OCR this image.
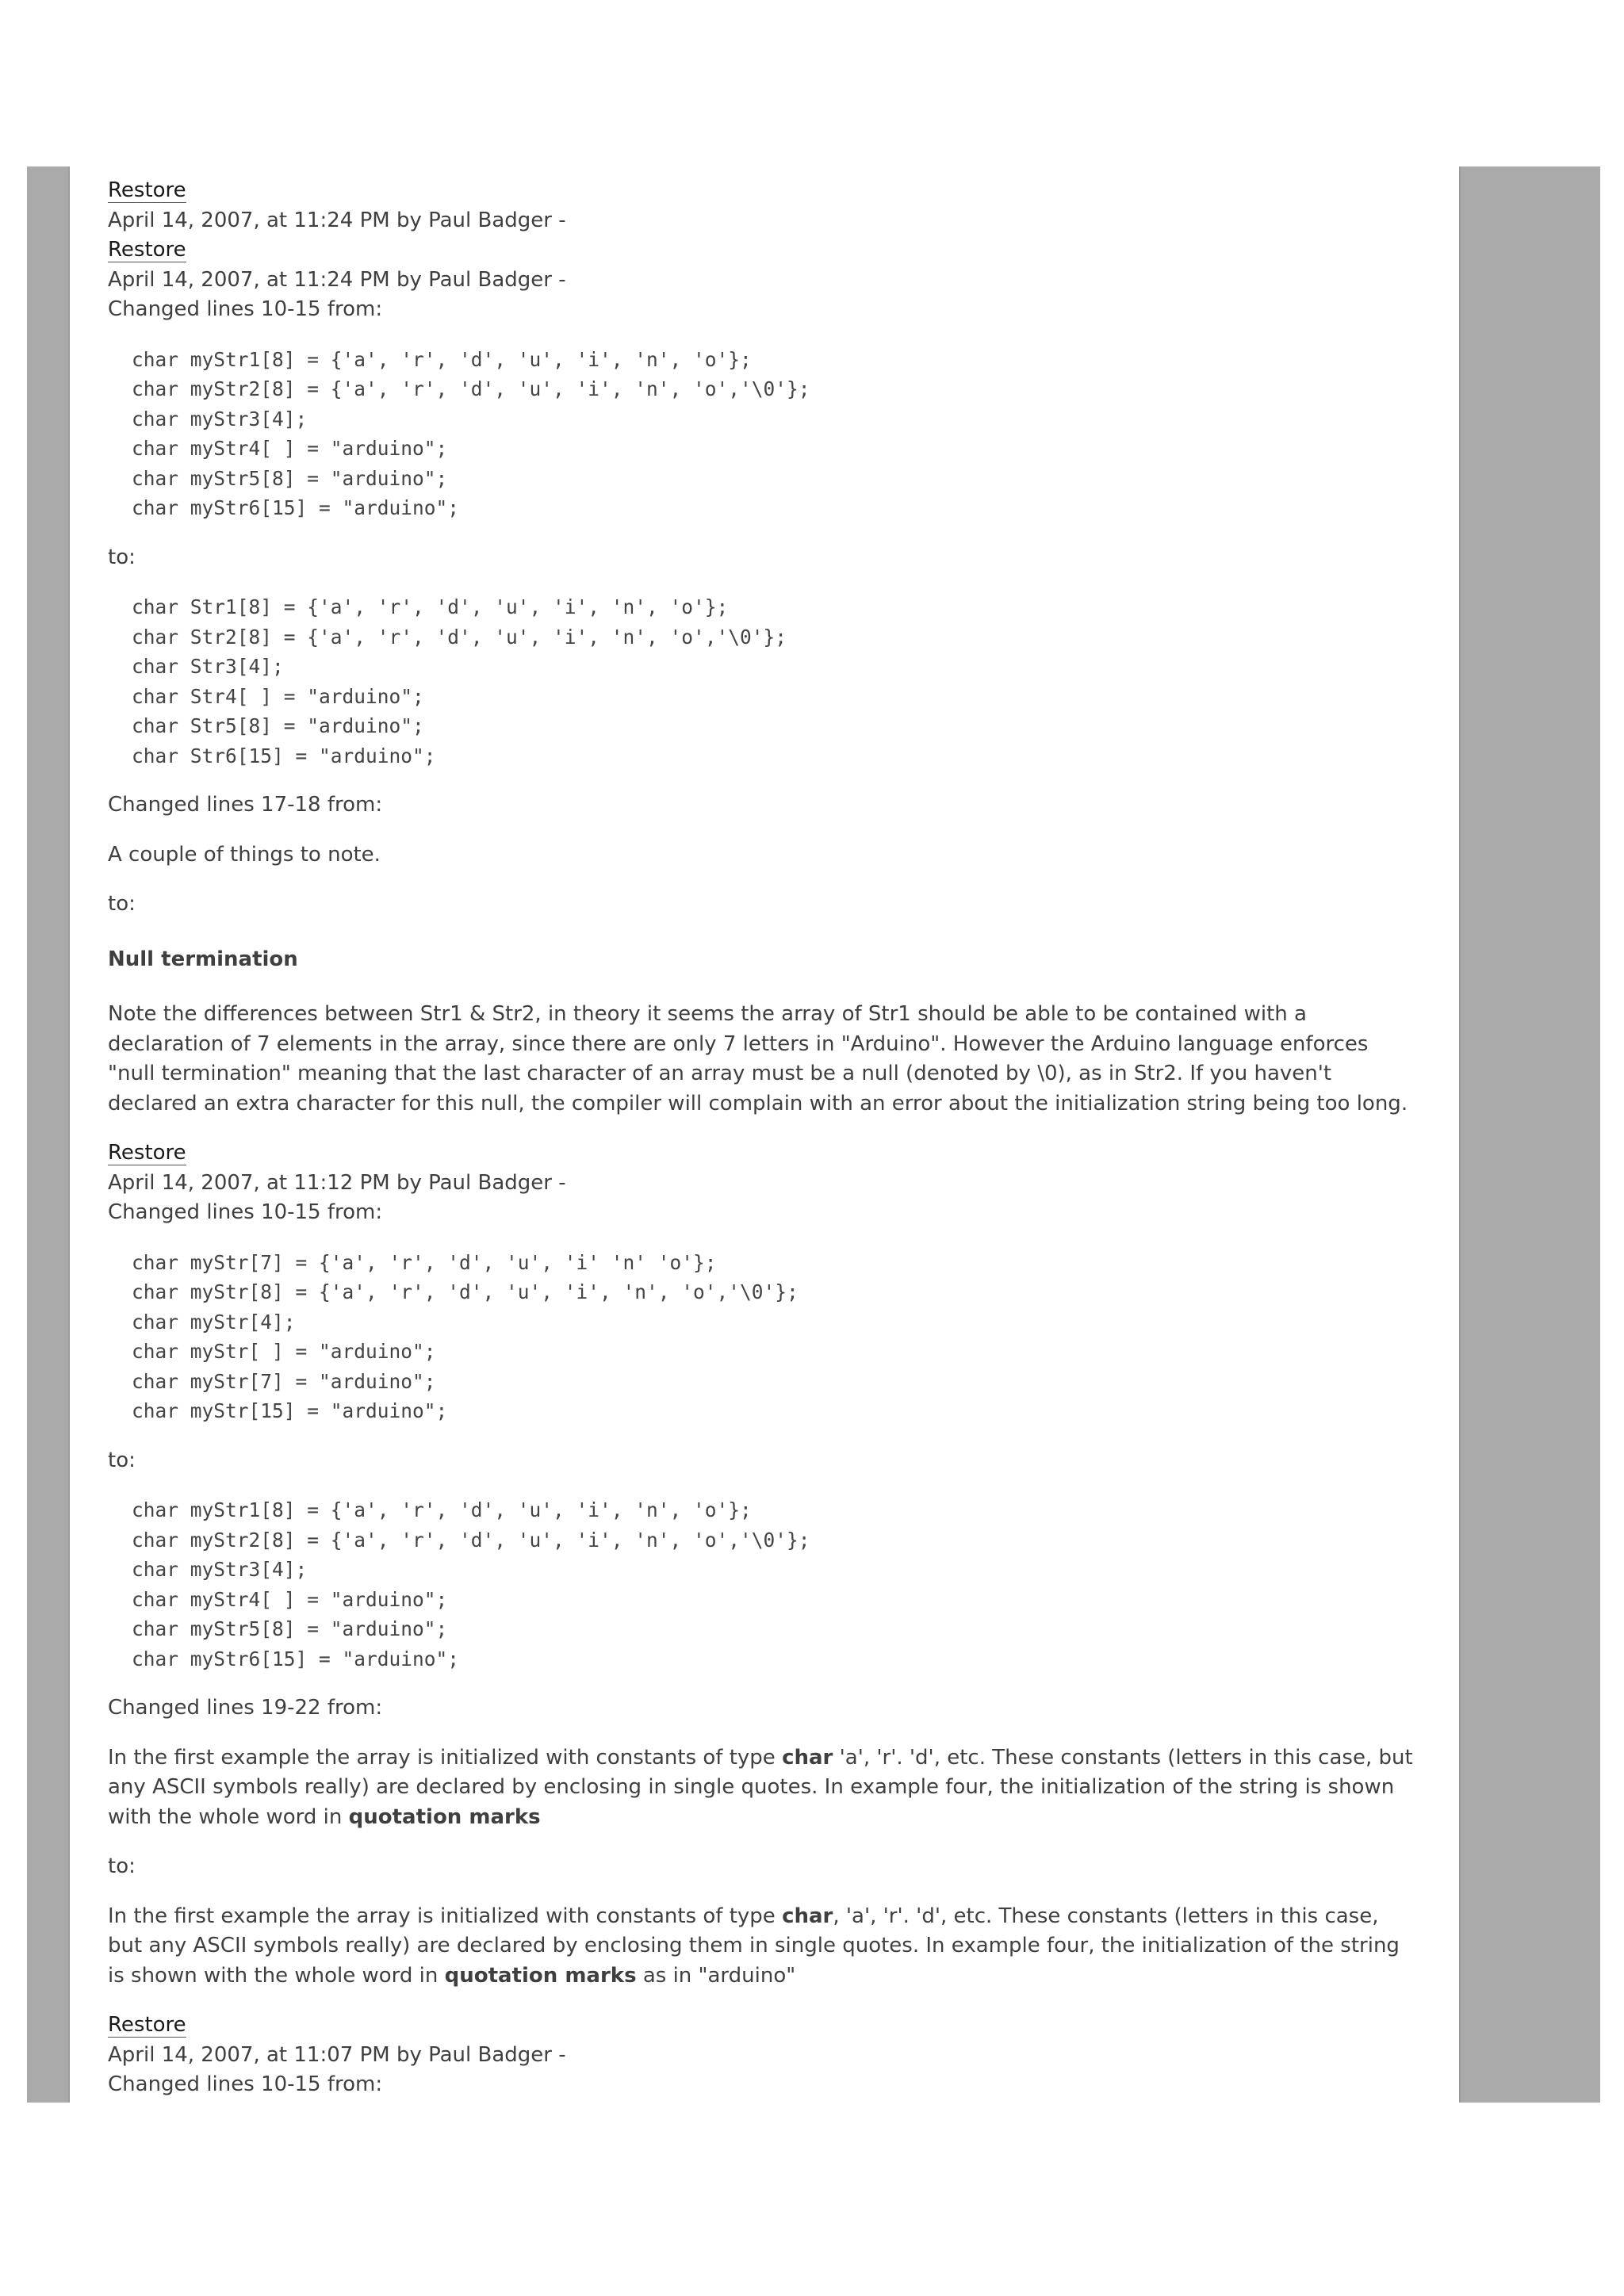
Restore
April 14, 2007, at 11:24 PM by Paul Badger -
Restore
April 14, 2007, at 11:24 PM by Paul Badger -
Changed lines 10-15 from:
char myStr1[8] = {'a', 'r', 'd', 'u', 'i', 'n', 'o'};
char myStr2[8] = {'a', 'r', 'd', 'u', 'i', 'n', 'o','\0'};
char myStr3[4];
char myStr4[ ] = "arduino";
char myStr5[8] = "arduino";
char myStr6[15] = "arduino";

to:

char Str1[8] = {'a', 'r', 'd', 'u', 'i', 'n', 'o'};
char Str2[8] = {'a', 'r', 'd', 'u', 'i', 'n', 'o','\0'};
char Str3[4];
char Str4[ ] = "arduino";
char Str5[8] = "arduino";
char Str6[15] = "arduino";

Changed lines 17-18 from:

A couple of things to note.

to:

Null termination

Note the differences between Str1 & Str2, in theory it seems the array of Str1 should be able to be contained with a declaration of 7 elements in the array, since there are only 7 letters in "Arduino". However the Arduino language enforces "null termination" meaning that the last character of an array must be a null (denoted by \0), as in Str2. If you haven't declared an extra character for this null, the compiler will complain with an error about the initialization string being too long.

Restore
April 14, 2007, at 11:12 PM by Paul Badger -
Changed lines 10-15 from:
char myStr[7] = {'a', 'r', 'd', 'u', 'i' 'n' 'o'};
char myStr[8] = {'a', 'r', 'd', 'u', 'i', 'n', 'o','\0'};
char myStr[4];
char myStr[ ] = "arduino";
char myStr[7] = "arduino";
char myStr[15] = "arduino";

to:

char myStr1[8] = {'a', 'r', 'd', 'u', 'i', 'n', 'o'};
char myStr2[8] = {'a', 'r', 'd', 'u', 'i', 'n', 'o','\0'};
char myStr3[4];
char myStr4[ ] = "arduino";
char myStr5[8] = "arduino";
char myStr6[15] = "arduino";

Changed lines 19-22 from:

In the first example the array is initialized with constants of type char 'a', 'r'. 'd', etc. These constants (letters in this case, but any ASCII symbols really) are declared by enclosing in single quotes. In example four, the initialization of the string is shown with the whole word in quotation marks

to:

In the first example the array is initialized with constants of type char, 'a', 'r'. 'd', etc. These constants (letters in this case, but any ASCII symbols really) are declared by enclosing them in single quotes. In example four, the initialization of the string is shown with the whole word in quotation marks as in "arduino"

Restore
April 14, 2007, at 11:07 PM by Paul Badger -
Changed lines 10-15 from:
